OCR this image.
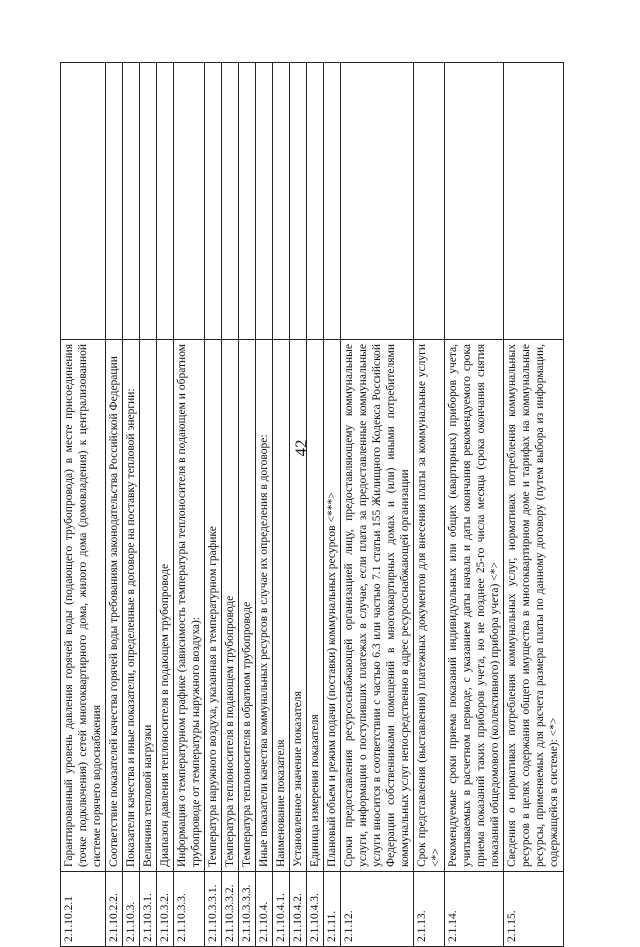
42
2.1.10.2.1	Гарантированный уровень давления горячей воды (подающего трубопровода) в месте присоединения (точке подключения) сетей многоквартирного дома, жилого дома (домовладения) к централизованной системе горячего водоснабжения	
2.1.10.2.2.	Соответствие показателей качества горячей воды требованиям законодательства Российской Федерации	
2.1.10.3.	Показатели качества и иные показатели, определенные в договоре на поставку тепловой энергии:	
2.1.10.3.1.	Величина тепловой нагрузки	
2.1.10.3.2.	Диапазон давления теплоносителя в подающем трубопроводе	
2.1.10.3.3.	Информация о температурном графике (зависимость температуры теплоносителя в подающем и обратном трубопроводе от температуры наружного воздуха):	
2.1.10.3.3.1.	Температура наружного воздуха, указанная в температурном графике	
2.1.10.3.3.2.	Температура теплоносителя в подающем трубопроводе	
2.1.10.3.3.3.	Температура теплоносителя в обратном трубопроводе	
2.1.10.4.	Иные показатели качества коммунальных ресурсов в случае их определения в договоре:	
2.1.10.4.1.	Наименование показателя	
2.1.10.4.2.	Установленное значение показателя	
2.1.10.4.3.	Единица измерения показателя	
2.1.11.	Плановый объем и режим подачи (поставки) коммунальных ресурсов <***>	
2.1.12.	Сроки предоставления ресурсоснабжающей организацией лицу, предоставляющему коммунальные услуги, информации о поступивших платежах в случае, если плата за предоставленные коммунальные услуги вносится в соответствии с частью 6.3 или частью 7.1 статьи 155 Жилищного Кодекса Российской Федерации собственниками помещений в многоквартирных домах и (или) иными потребителями коммунальных услуг непосредственно в адрес ресурсоснабжающей организации	
2.1.13.	Срок представления (выставления) платежных документов для внесения платы за коммунальные услуги <*>	
2.1.14.	Рекомендуемые сроки приема показаний индивидуальных или общих (квартирных) приборов учета, учитываемых в расчетном периоде, с указанием даты начала и даты окончания рекомендуемого срока приема показаний таких приборов учета, но не позднее 25-го числа месяца (срока окончания снятия показаний общедомового (коллективного) прибора учета) <*>	
2.1.15.	Сведения о нормативах потребления коммунальных услуг, нормативах потребления коммунальных ресурсов в целях содержания общего имущества в многоквартирном доме и тарифах на коммунальные ресурсы, применяемых для расчета размера платы по данному договору (путем выбора из информации, содержащейся в системе): <*>	
